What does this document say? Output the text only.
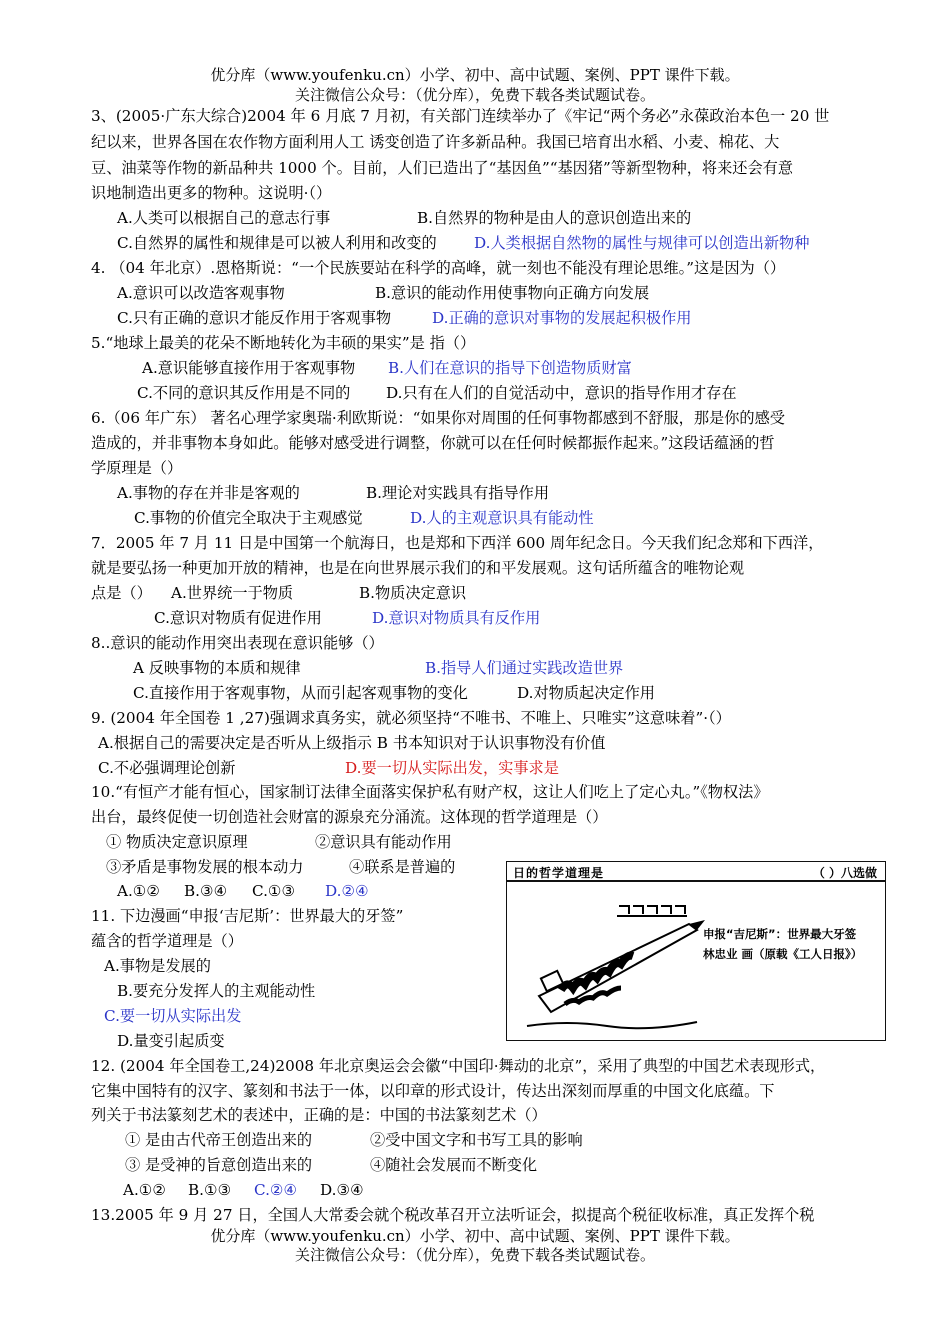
优分库（www.youfenku.cn）小学、初中、高中试题、案例、PPT 课件下载。
关注微信公众号：（优分库），免费下载各类试题试卷。
3、(2005·广东大综合)2004 年 6 月底 7 月初，有关部门连续举办了《牢记“两个务必”永葆政治本色一 20 世
纪以来，世界各国在农作物方面利用人工 诱变创造了许多新品种。我国已培育出水稻、小麦、棉花、大
豆、油菜等作物的新品种共 1000 个。目前，人们已造出了“基因鱼”“基因猪”等新型物种，将来还会有意
识地制造出更多的物种。这说明·（）
A.人类可以根据自己的意志行事	B.自然界的物种是由人的意识创造出来的
C.自然界的属性和规律是可以被人利用和改变的 D.人类根据自然物的属性与规律可以创造出新物种
4. （04 年北京）.恩格斯说：“一个民族要站在科学的高峰，就一刻也不能没有理论思维。”这是因为（）
A.意识可以改造客观事物	B.意识的能动作用使事物向正确方向发展
C.只有正确的意识才能反作用于客观事物	D.正确的意识对事物的发展起积极作用
5.“地球上最美的花朵不断地转化为丰硕的果实”是 指（）
A.意识能够直接作用于客观事物 B.人们在意识的指导下创造物质财富
C.不同的意识其反作用是不同的 D.只有在人们的自觉活动中，意识的指导作用才存在
6.（06 年广东） 著名心理学家奥瑞·利欧斯说：“如果你对周围的任何事物都感到不舒服，那是你的感受
造成的，并非事物本身如此。能够对感受进行调整，你就可以在任何时候都振作起来。”这段话蕴涵的哲
学原理是（）
A.事物的存在并非是客观的	B.理论对实践具有指导作用
C.事物的价值完全取决于主观感觉	D.人的主观意识具有能动性
7．2005 年 7 月 11 日是中国第一个航海日，也是郑和下西洋 600 周年纪念日。今天我们纪念郑和下西洋，
就是要弘扬一种更加开放的精神，也是在向世界展示我们的和平发展观。这句话所蕴含的唯物论观
点是（） A.世界统一于物质	B.物质决定意识
C.意识对物质有促进作用	D.意识对物质具有反作用
8..意识的能动作用突出表现在意识能够（）
A 反映事物的本质和规律	B.指导人们通过实践改造世界
C.直接作用于客观事物，从而引起客观事物的变化	D.对物质起决定作用
9. (2004 年全国卷 1 ,27)强调求真务实，就必须坚持“不唯书、不唯上、只唯实”这意味着”·（）
A.根据自己的需要决定是否听从上级指示 B 书本知识对于认识事物没有价值
C.不必强调理论创新	D.要一切从实际出发，实事求是
10.“有恒产才能有恒心，国家制订法律全面落实保护私有财产权，这让人们吃上了定心丸。”《物权法》
出台，最终促使一切创造社会财富的源泉充分涌流。这体现的哲学道理是（）
① 物质决定意识原理	②意识具有能动作用
③矛盾是事物发展的根本动力	④联系是普遍的
A.①② B.③④ C.①③ D.②④
11. 下边漫画“申报‘吉尼斯’：世界最大的牙签”
蕴含的哲学道理是（）
A.事物是发展的
B.要充分发挥人的主观能动性
C.要一切从实际出发
D.量变引起质变
日的哲学道理是	（ ）八选做
申报“吉尼斯”：世界最大牙签
林忠业 画（原载《工人日报》）
12. (2004 年全国卷工,24)2008 年北京奥运会会徽“中国印·舞动的北京”，采用了典型的中国艺术表现形式，
它集中国特有的汉字、篆刻和书法于一体，以印章的形式设计，传达出深刻而厚重的中国文化底蕴。下
列关于书法篆刻艺术的表述中，正确的是：中国的书法篆刻艺术（）
① 是由古代帝王创造出来的	②受中国文字和书写工具的影响
③ 是受神的旨意创造出来的	④随社会发展而不断变化
A.①② B.①③ C.②④ D.③④
13.2005 年 9 月 27 日，全国人大常委会就个税改革召开立法听证会，拟提高个税征收标准，真正发挥个税
优分库（www.youfenku.cn）小学、初中、高中试题、案例、PPT 课件下载。
关注微信公众号：（优分库），免费下载各类试题试卷。
